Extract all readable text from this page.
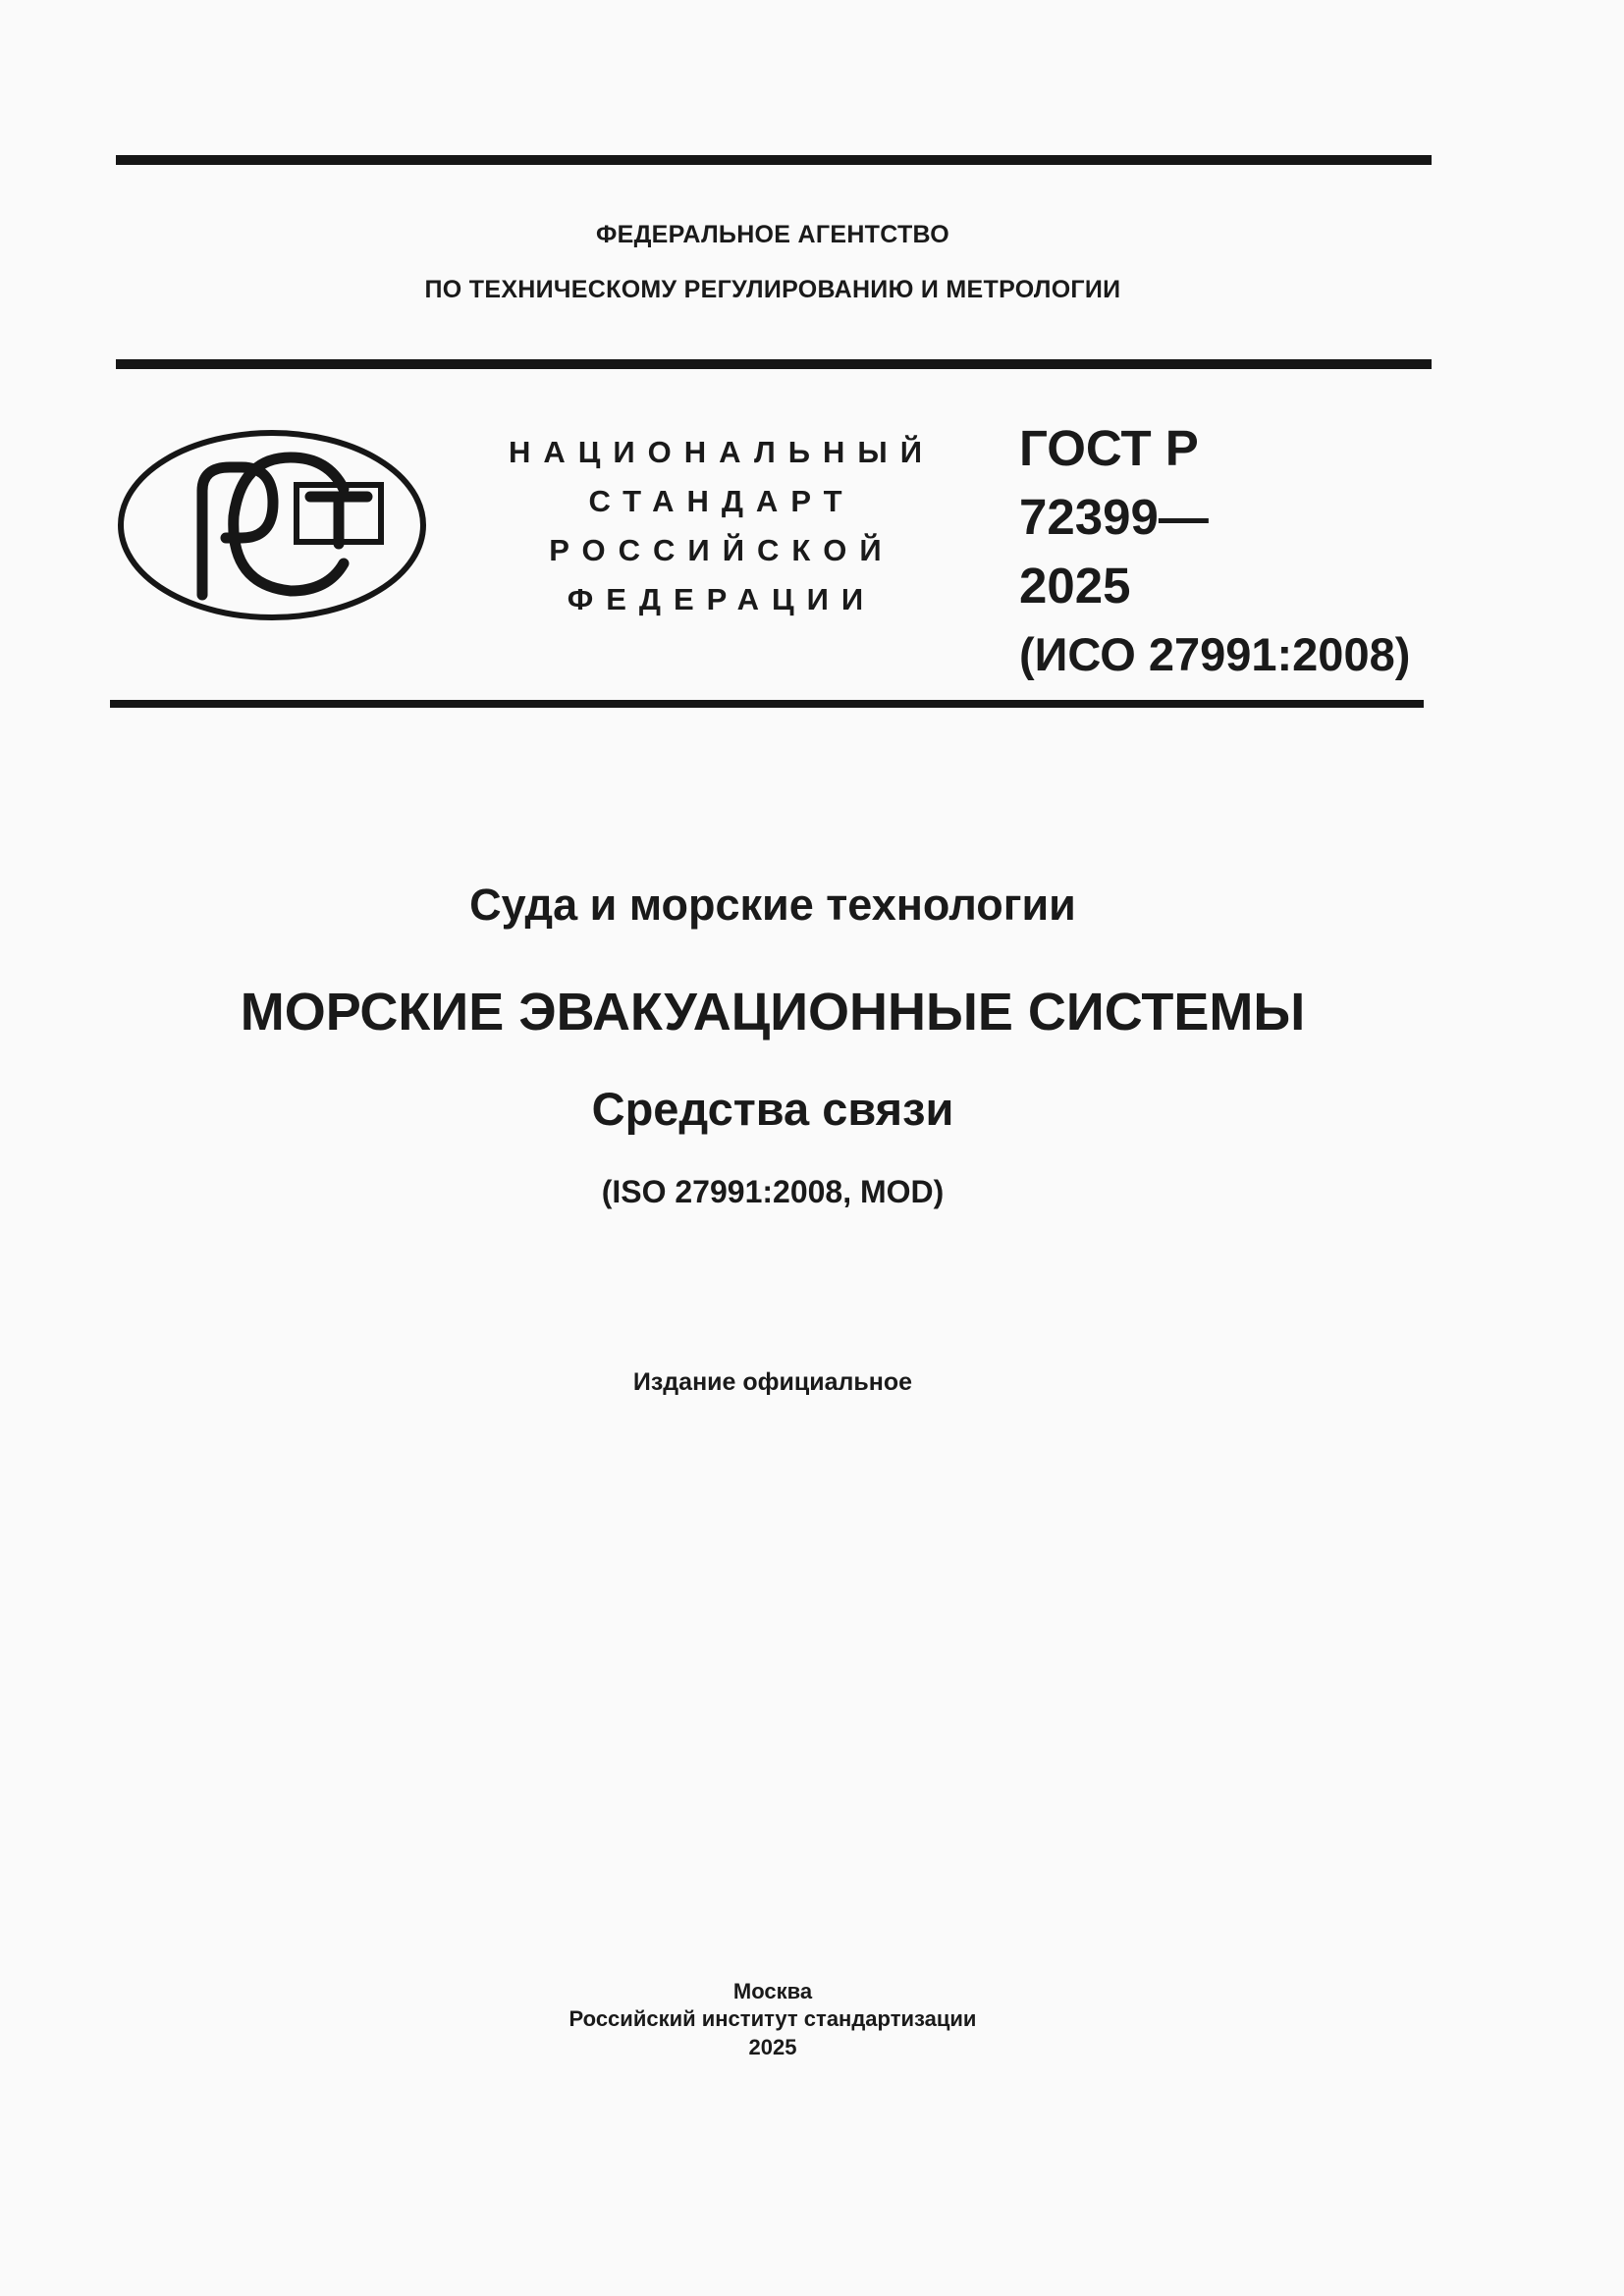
ФЕДЕРАЛЬНОЕ АГЕНТСТВО
ПО ТЕХНИЧЕСКОМУ РЕГУЛИРОВАНИЮ И МЕТРОЛОГИИ
НАЦИОНАЛЬНЫЙ
СТАНДАРТ
РОССИЙСКОЙ
ФЕДЕРАЦИИ
ГОСТ Р
72399—
2025
(ИСО 27991:2008)
Суда и морские технологии
МОРСКИЕ ЭВАКУАЦИОННЫЕ СИСТЕМЫ
Средства связи
(ISO 27991:2008, MOD)
Издание официальное
Москва
Российский институт стандартизации
2025
